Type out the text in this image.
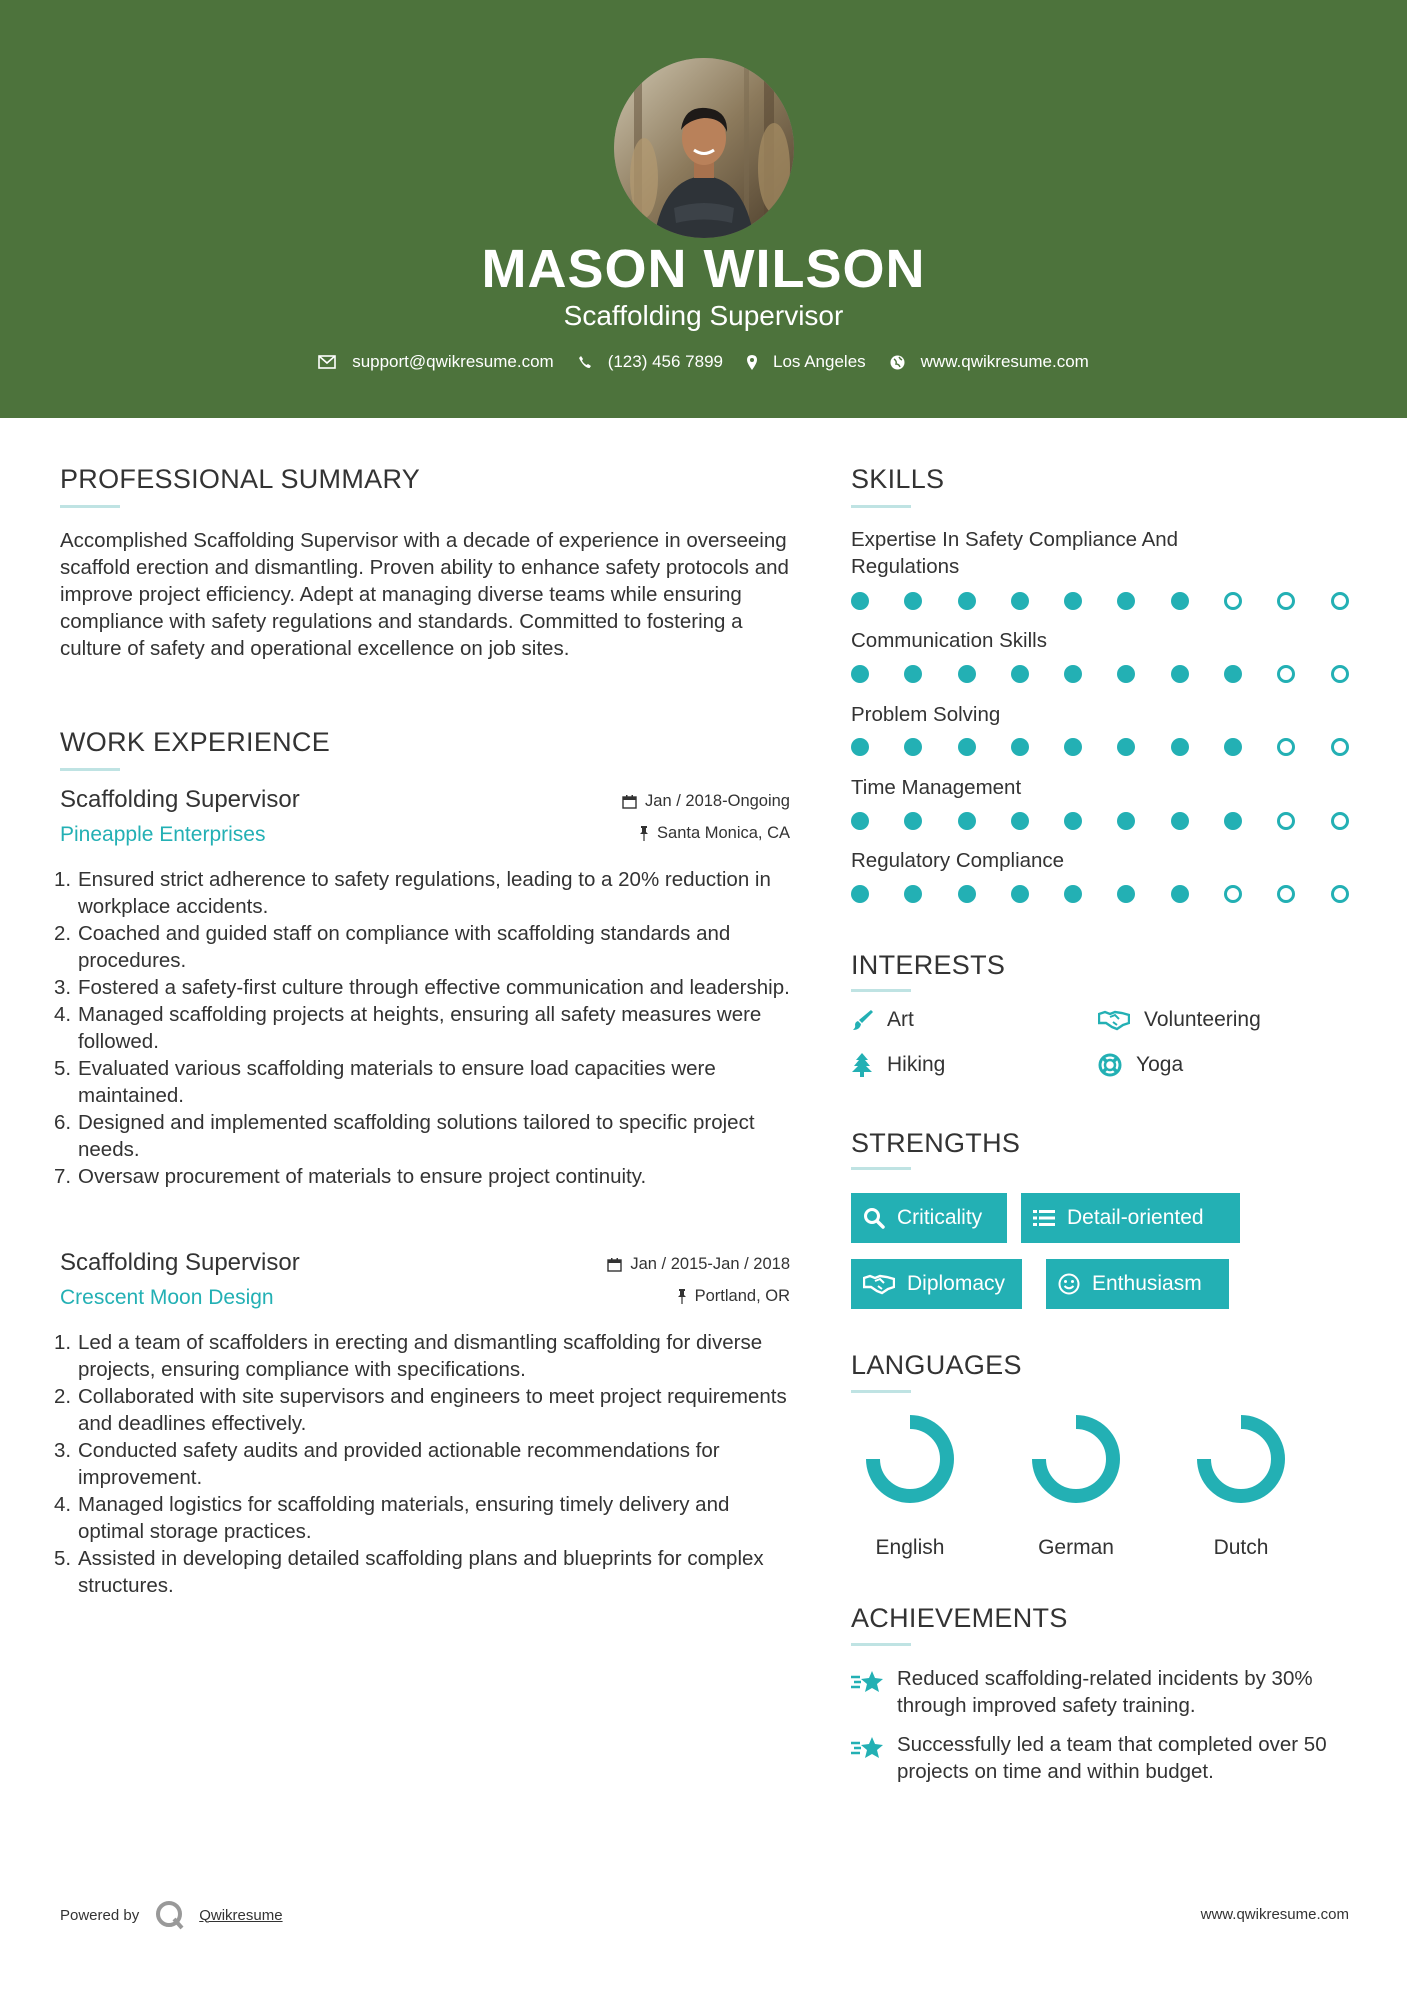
MASON WILSON
Scaffolding Supervisor
support@qwikresume.com	(123) 456 7899	Los Angeles	www.qwikresume.com
PROFESSIONAL SUMMARY
Accomplished Scaffolding Supervisor with a decade of experience in overseeing scaffold erection and dismantling. Proven ability to enhance safety protocols and improve project efficiency. Adept at managing diverse teams while ensuring compliance with safety regulations and standards. Committed to fostering a culture of safety and operational excellence on job sites.
WORK EXPERIENCE
Scaffolding Supervisor
Pineapple Enterprises
Jan / 2018-Ongoing
Santa Monica, CA
1. Ensured strict adherence to safety regulations, leading to a 20% reduction in workplace accidents.
2. Coached and guided staff on compliance with scaffolding standards and procedures.
3. Fostered a safety-first culture through effective communication and leadership.
4. Managed scaffolding projects at heights, ensuring all safety measures were followed.
5. Evaluated various scaffolding materials to ensure load capacities were maintained.
6. Designed and implemented scaffolding solutions tailored to specific project needs.
7. Oversaw procurement of materials to ensure project continuity.
Scaffolding Supervisor
Crescent Moon Design
Jan / 2015-Jan / 2018
Portland, OR
1. Led a team of scaffolders in erecting and dismantling scaffolding for diverse projects, ensuring compliance with specifications.
2. Collaborated with site supervisors and engineers to meet project requirements and deadlines effectively.
3. Conducted safety audits and provided actionable recommendations for improvement.
4. Managed logistics for scaffolding materials, ensuring timely delivery and optimal storage practices.
5. Assisted in developing detailed scaffolding plans and blueprints for complex structures.
SKILLS
Expertise In Safety Compliance And Regulations
Communication Skills
Problem Solving
Time Management
Regulatory Compliance
INTERESTS
Art	Volunteering
Hiking	Yoga
STRENGTHS
Criticality	Detail-oriented
Diplomacy	Enthusiasm
LANGUAGES
English	German	Dutch
ACHIEVEMENTS
Reduced scaffolding-related incidents by 30% through improved safety training.
Successfully led a team that completed over 50 projects on time and within budget.
Powered by	Qwikresume	www.qwikresume.com
